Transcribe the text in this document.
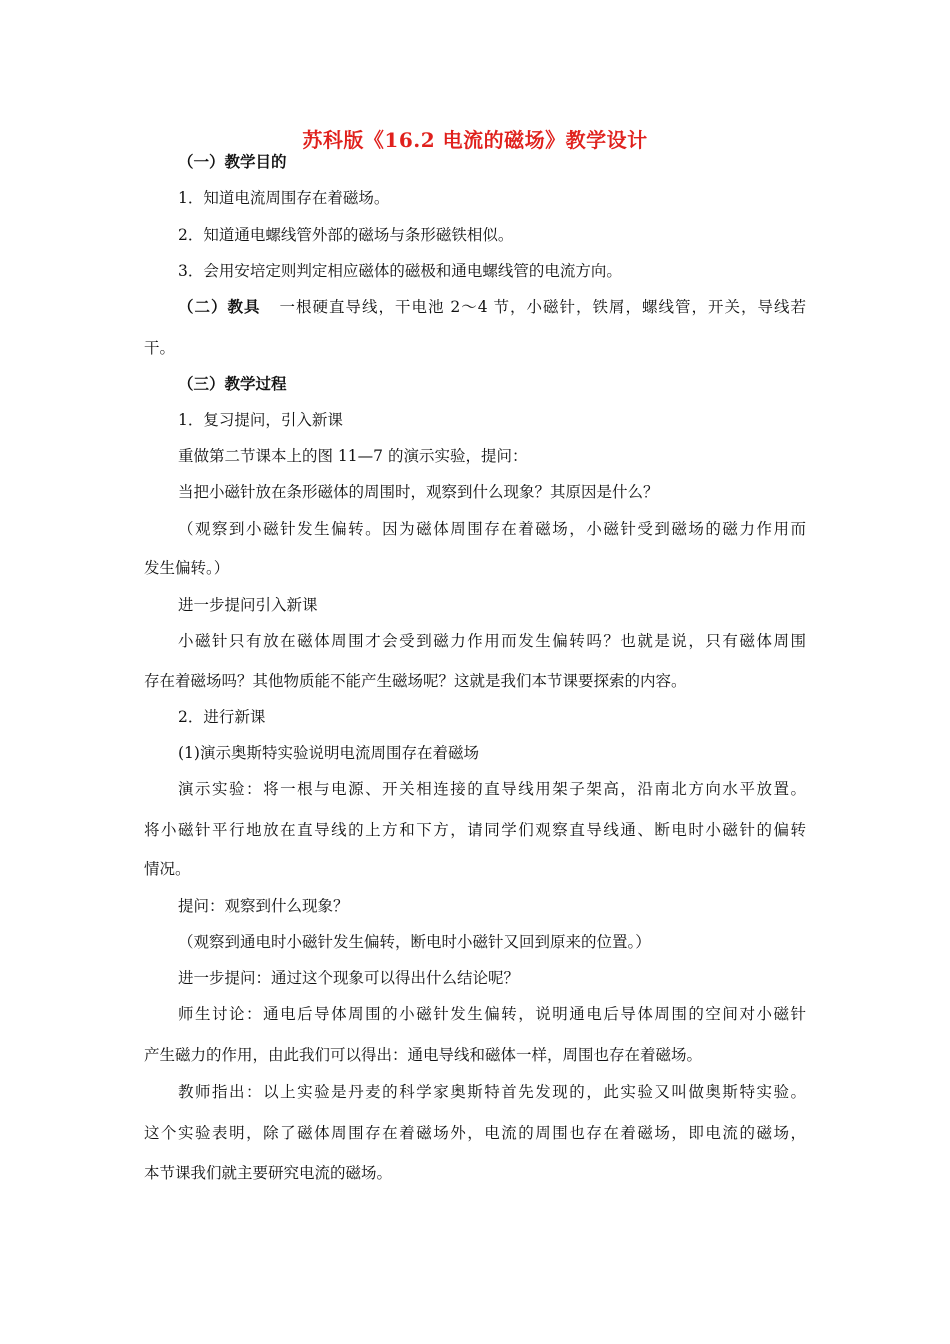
苏科版《16.2 电流的磁场》教学设计
（一）教学目的
1．知道电流周围存在着磁场。
2．知道通电螺线管外部的磁场与条形磁铁相似。
3．会用安培定则判定相应磁体的磁极和通电螺线管的电流方向。
（二）教具 一根硬直导线，干电池 2～4 节，小磁针，铁屑，螺线管，开关，导线若
干。
（三）教学过程
1．复习提问，引入新课
重做第二节课本上的图 11—7 的演示实验，提问：
当把小磁针放在条形磁体的周围时，观察到什么现象？其原因是什么？
（观察到小磁针发生偏转。因为磁体周围存在着磁场，小磁针受到磁场的磁力作用而
发生偏转。）
进一步提问引入新课
小磁针只有放在磁体周围才会受到磁力作用而发生偏转吗？也就是说，只有磁体周围
存在着磁场吗？其他物质能不能产生磁场呢？这就是我们本节课要探索的内容。
2．进行新课
(1)演示奥斯特实验说明电流周围存在着磁场
演示实验：将一根与电源、开关相连接的直导线用架子架高，沿南北方向水平放置。
将小磁针平行地放在直导线的上方和下方，请同学们观察直导线通、断电时小磁针的偏转
情况。
提问：观察到什么现象？
（观察到通电时小磁针发生偏转，断电时小磁针又回到原来的位置。）
进一步提问：通过这个现象可以得出什么结论呢？
师生讨论：通电后导体周围的小磁针发生偏转，说明通电后导体周围的空间对小磁针
产生磁力的作用，由此我们可以得出：通电导线和磁体一样，周围也存在着磁场。
教师指出：以上实验是丹麦的科学家奥斯特首先发现的，此实验又叫做奥斯特实验。
这个实验表明，除了磁体周围存在着磁场外，电流的周围也存在着磁场，即电流的磁场，
本节课我们就主要研究电流的磁场。
